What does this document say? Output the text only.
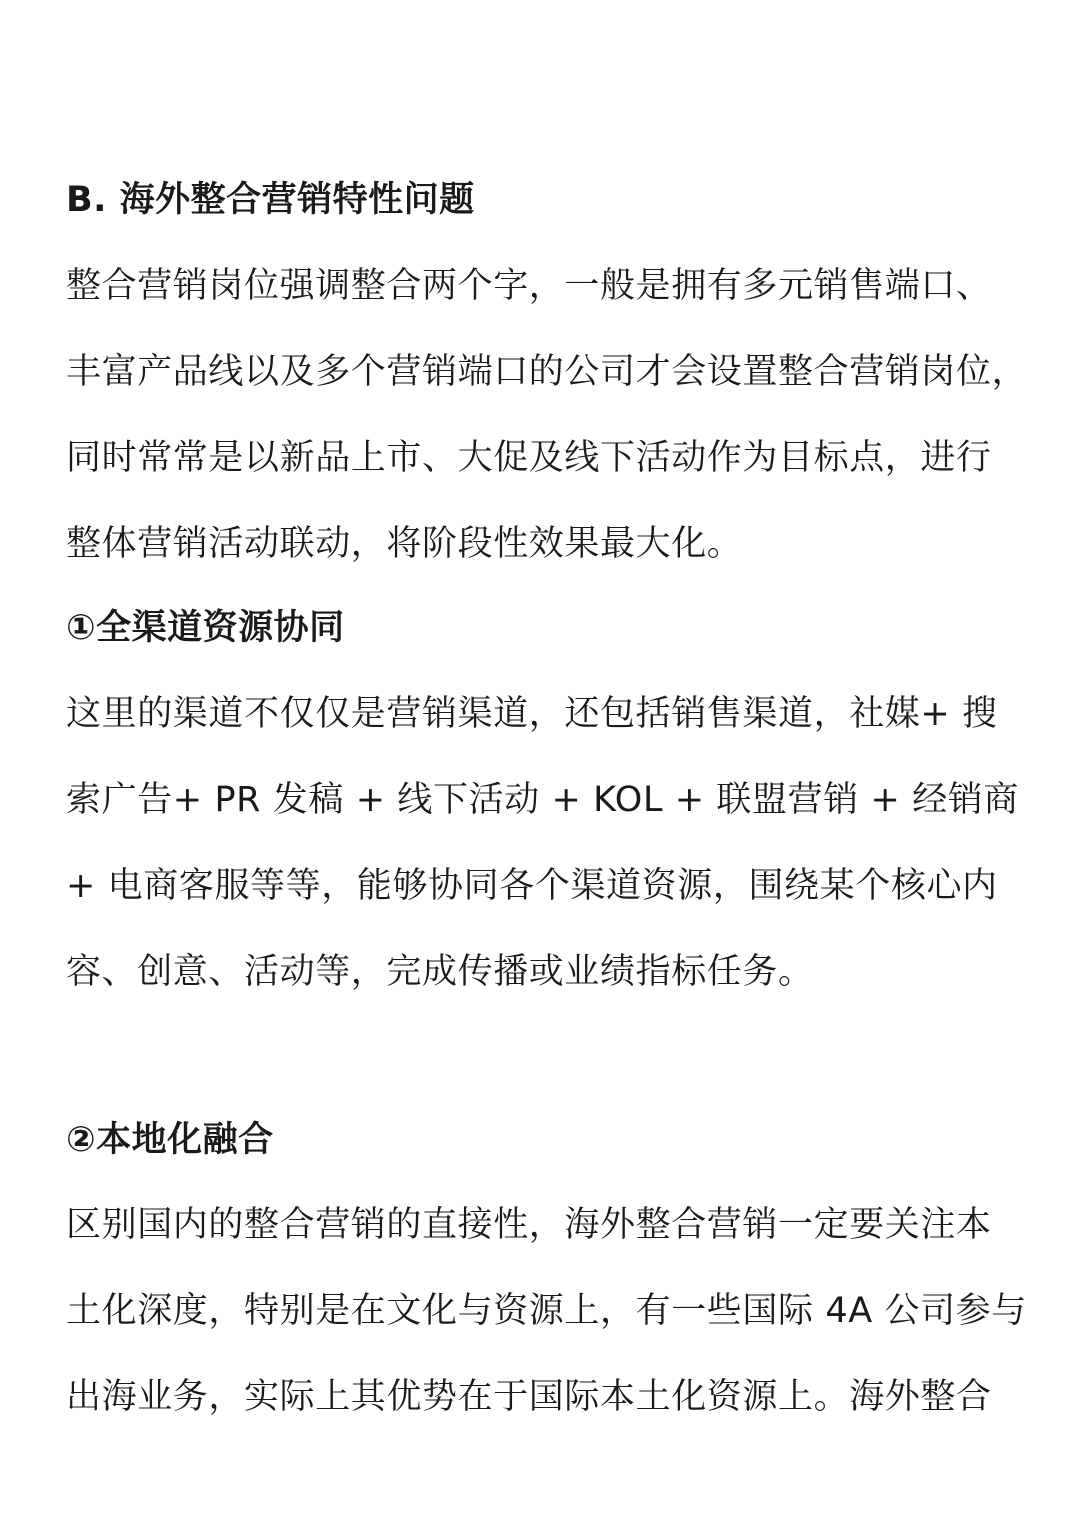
B. 海外整合营销特性问题
整合营销岗位强调整合两个字，一般是拥有多元销售端口、
丰富产品线以及多个营销端口的公司才会设置整合营销岗位，
同时常常是以新品上市、大促及线下活动作为目标点，进行
整体营销活动联动，将阶段性效果最大化。
①全渠道资源协同
这里的渠道不仅仅是营销渠道，还包括销售渠道，社媒+ 搜
索广告+ PR 发稿 + 线下活动 + KOL + 联盟营销 + 经销商
+ 电商客服等等，能够协同各个渠道资源，围绕某个核心内
容、创意、活动等，完成传播或业绩指标任务。
②本地化融合
区别国内的整合营销的直接性，海外整合营销一定要关注本
土化深度，特别是在文化与资源上，有一些国际 4A 公司参与
出海业务，实际上其优势在于国际本土化资源上。海外整合
